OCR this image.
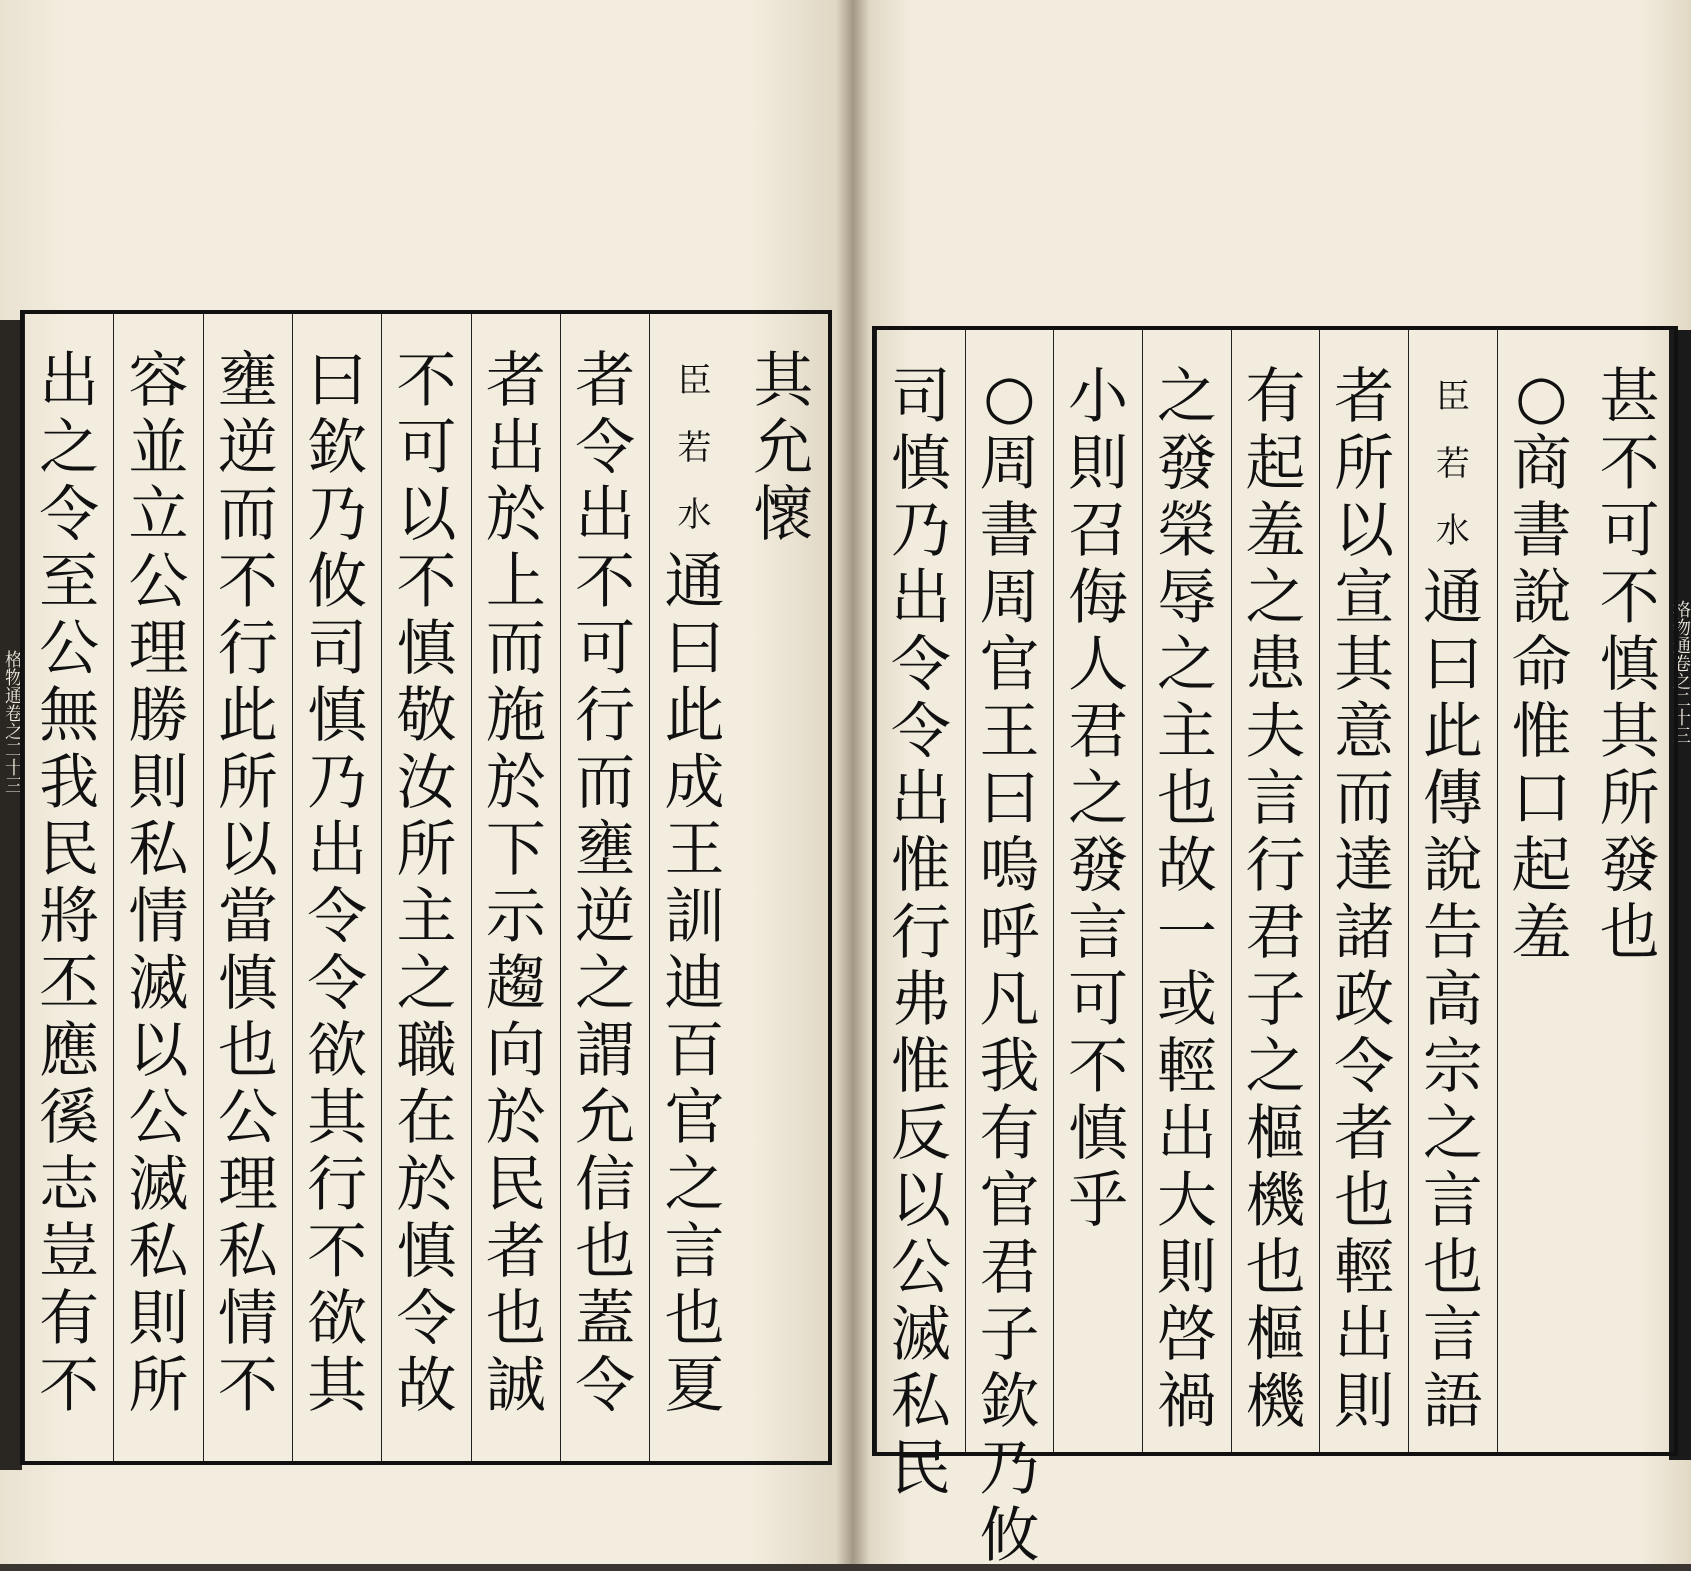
格物通卷之二十三
其
允
懷
臣
若
水
通
曰
此
成
王
訓
迪
百
官
之
言
也
夏
者
令
出
不
可
行
而
壅
逆
之
謂
允
信
也
蓋
令
者
出
於
上
而
施
於
下
示
趨
向
於
民
者
也
誠
不
可
以
不
慎
敬
汝
所
主
之
職
在
於
慎
令
故
曰
欽
乃
攸
司
慎
乃
出
令
令
欲
其
行
不
欲
其
壅
逆
而
不
行
此
所
以
當
慎
也
公
理
私
情
不
容
並
立
公
理
勝
則
私
情
滅
以
公
滅
私
則
所
出
之
令
至
公
無
我
民
將
丕
應
徯
志
豈
有
不
格物通卷之二十三
甚
不
可
不
慎
其
所
發
也
○
商
書
說
命
惟
口
起
羞
臣
若
水
通
曰
此
傳
說
告
高
宗
之
言
也
言
語
者
所
以
宣
其
意
而
達
諸
政
令
者
也
輕
出
則
有
起
羞
之
患
夫
言
行
君
子
之
樞
機
也
樞
機
之
發
榮
辱
之
主
也
故
一
或
輕
出
大
則
啓
禍
小
則
召
侮
人
君
之
發
言
可
不
慎
乎
○
周
書
周
官
王
曰
嗚
呼
凡
我
有
官
君
子
欽
乃
攸
司
慎
乃
出
令
令
出
惟
行
弗
惟
反
以
公
滅
私
民
